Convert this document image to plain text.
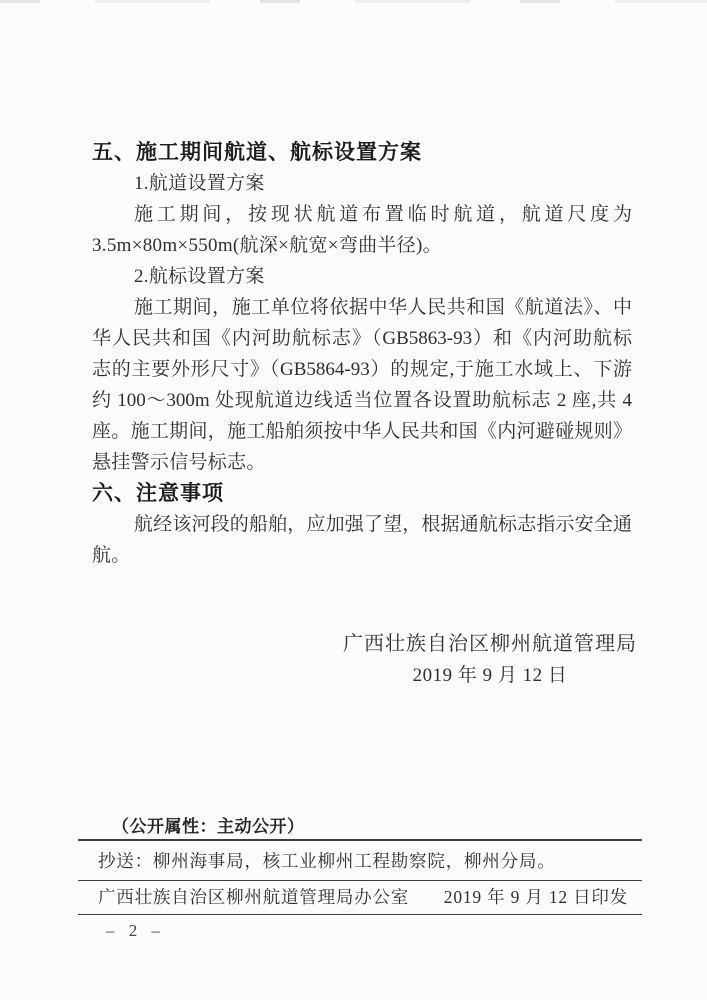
五、施工期间航道、航标设置方案
1.航道设置方案
施工期间，按现状航道布置临时航道，航道尺度为
3.5m×80m×550m(航深×航宽×弯曲半径)。
2.航标设置方案
施工期间，施工单位将依据中华人民共和国《航道法》、中
华人民共和国《内河助航标志》（GB5863-93）和《内河助航标
志的主要外形尺寸》（GB5864-93）的规定,于施工水域上、下游
约 100～300m 处现航道边线适当位置各设置助航标志 2 座,共 4
座。施工期间，施工船舶须按中华人民共和国《内河避碰规则》
悬挂警示信号标志。
六、注意事项
航经该河段的船舶，应加强了望，根据通航标志指示安全通
航。
广西壮族自治区柳州航道管理局
2019 年 9 月 12 日
（公开属性：主动公开）
抄送：柳州海事局，核工业柳州工程勘察院，柳州分局。
广西壮族自治区柳州航道管理局办公室 2019 年 9 月 12 日印发
– 2 –
